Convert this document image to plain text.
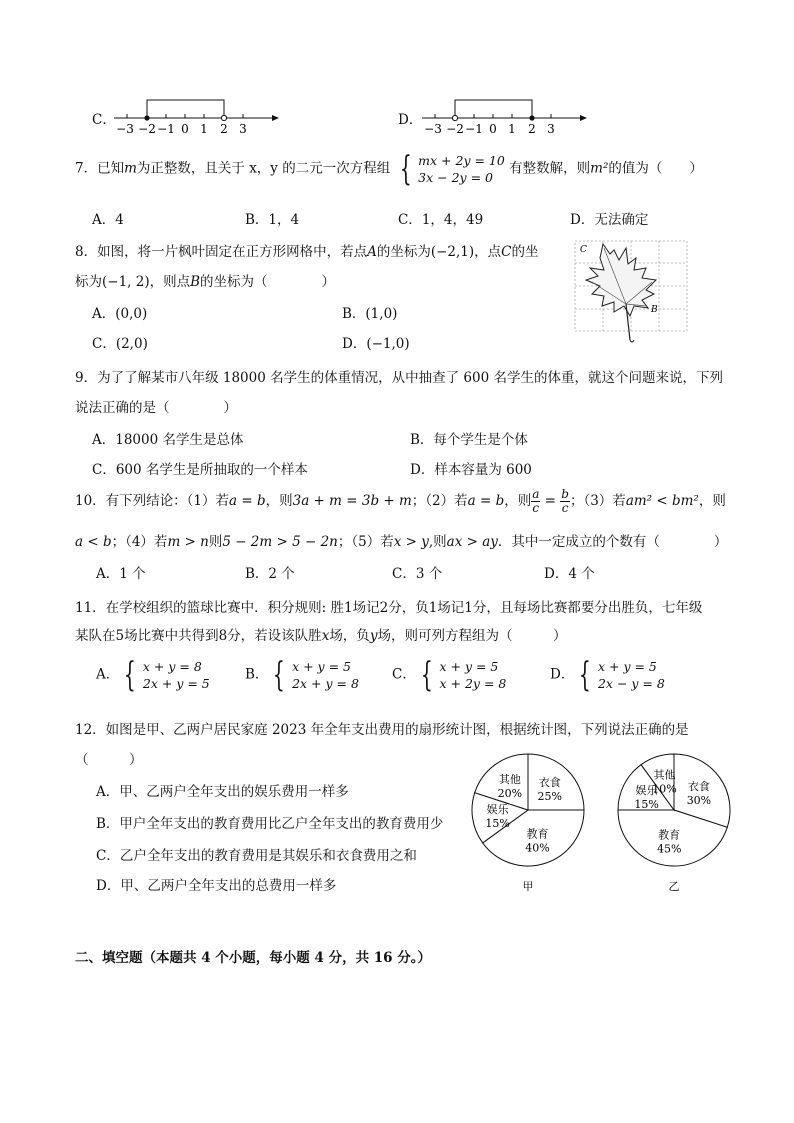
C．
−3 −2 −1 0 1 2 3
D．
−3 −2 −1 0 1 2 3
7．已知m为正整数，且关于 x，y 的二元一次方程组 { mx + 2y = 10
3x − 2y = 0
有整数解，则m²的值为（　　）
A．4	B．1，4	C．1，4，49	D．无法确定
8．如图，将一片枫叶固定在正方形网格中，若点A的坐标为(−2,1)，点C的坐
标为(−1, 2)，则点B的坐标为（　　　　）
A．(0,0)	B．(1,0)
C．(2,0)	D．(−1,0)
C
B
9．为了了解某市八年级 18000 名学生的体重情况，从中抽查了 600 名学生的体重，就这个问题来说，下列
说法正确的是（　　　　）
A．18000 名学生是总体	B．每个学生是个体
C．600 名学生是所抽取的一个样本	D．样本容量为 600
10．有下列结论：（1）若a = b，则3a + m = 3b + m；（2）若a = b，则 $\frac{a}{c} = \frac{b}{c}$ ；（3）若am² < bm²，则
a < b；（4）若m > n则5 − 2m > 5 − 2n；（5）若x > y,则ax > ay．其中一定成立的个数有（　　　　）
A．1 个	B．2 个	C．3 个	D．4 个
11．在学校组织的篮球比赛中．积分规则: 胜1场记2分，负1场记1分，且每场比赛都要分出胜负，七年级
某队在5场比赛中共得到8分，若设该队胜x场，负y场，则可列方程组为（　　　）
A． { x + y = 8
2x + y = 5
B． { x + y = 5
2x + y = 8
C． { x + y = 5
x + 2y = 8
D． { x + y = 5
2x − y = 8
12．如图是甲、乙两户居民家庭 2023 年全年支出费用的扇形统计图，根据统计图，下列说法正确的是
（　　　）
A．甲、乙两户全年支出的娱乐费用一样多
B．甲户全年支出的教育费用比乙户全年支出的教育费用少
C．乙户全年支出的教育费用是其娱乐和衣食费用之和
D．甲、乙两户全年支出的总费用一样多
衣食
25%
教育
40%
娱乐
15%
其他
20%
甲
衣食
30%
教育
45%
娱乐
15%
其他
10%
乙
二、填空题（本题共 4 个小题，每小题 4 分，共 16 分。）
